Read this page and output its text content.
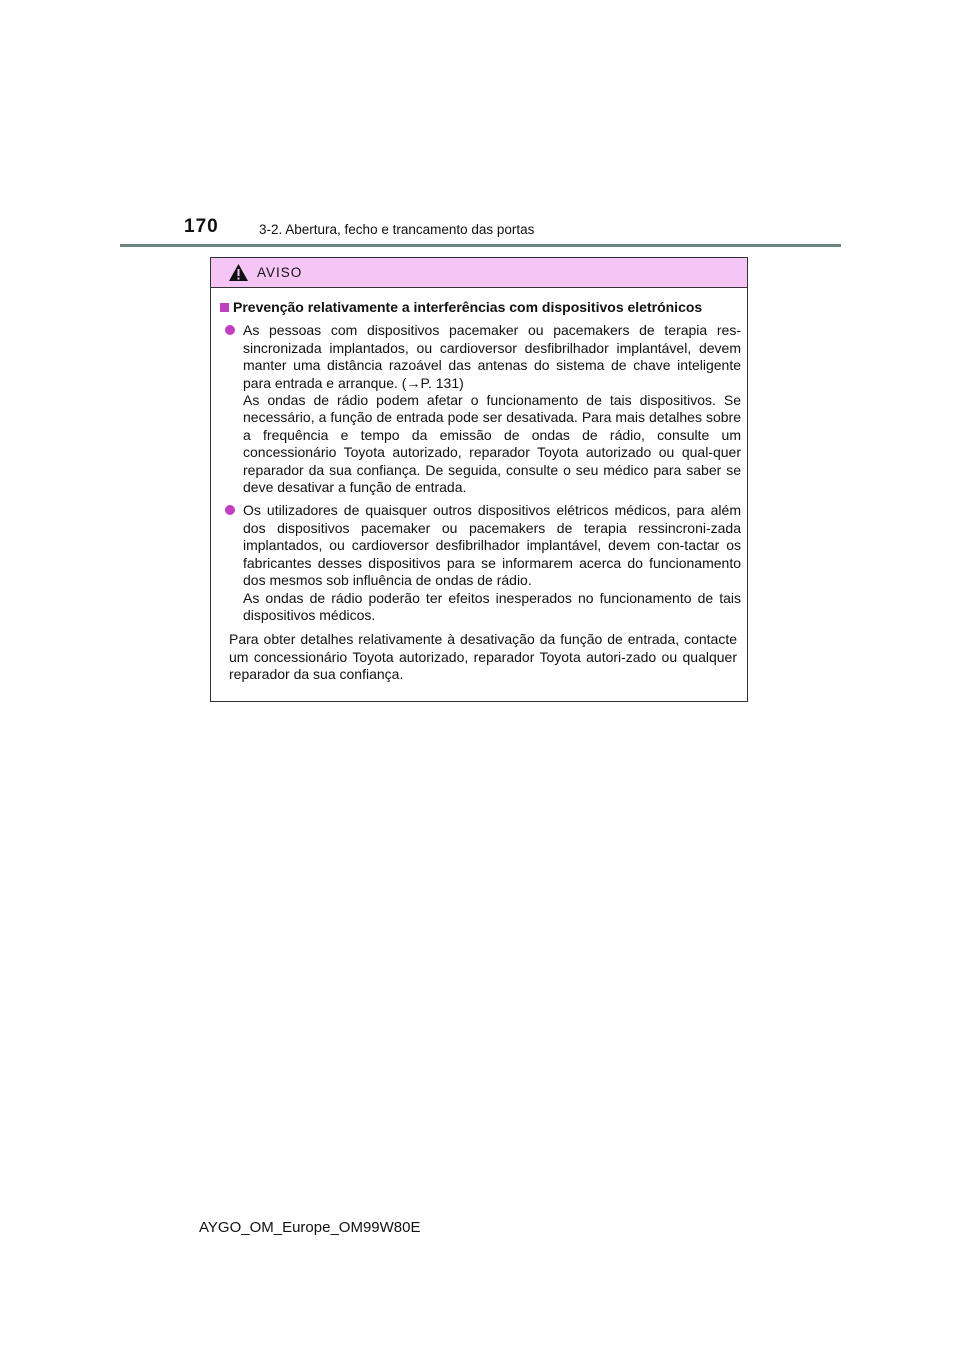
170	3-2. Abertura, fecho e trancamento das portas
AVISO
Prevenção relativamente a interferências com dispositivos eletrónicos

As pessoas com dispositivos pacemaker ou pacemakers de terapia res-sincronizada implantados, ou cardioversor desfibrilhador implantável, devem manter uma distância razoável das antenas do sistema de chave inteligente para entrada e arranque. (→P. 131)

As ondas de rádio podem afetar o funcionamento de tais dispositivos. Se necessário, a função de entrada pode ser desativada. Para mais detalhes sobre a frequência e tempo da emissão de ondas de rádio, consulte um concessionário Toyota autorizado, reparador Toyota autorizado ou qual-quer reparador da sua confiança. De seguida, consulte o seu médico para saber se deve desativar a função de entrada.

Os utilizadores de quaisquer outros dispositivos elétricos médicos, para além dos dispositivos pacemaker ou pacemakers de terapia ressincroni-zada implantados, ou cardioversor desfibrilhador implantável, devem con-tactar os fabricantes desses dispositivos para se informarem acerca do funcionamento dos mesmos sob influência de ondas de rádio.

As ondas de rádio poderão ter efeitos inesperados no funcionamento de tais dispositivos médicos.

Para obter detalhes relativamente à desativação da função de entrada, contacte um concessionário Toyota autorizado, reparador Toyota autori-zado ou qualquer reparador da sua confiança.

AYGO_OM_Europe_OM99W80E
